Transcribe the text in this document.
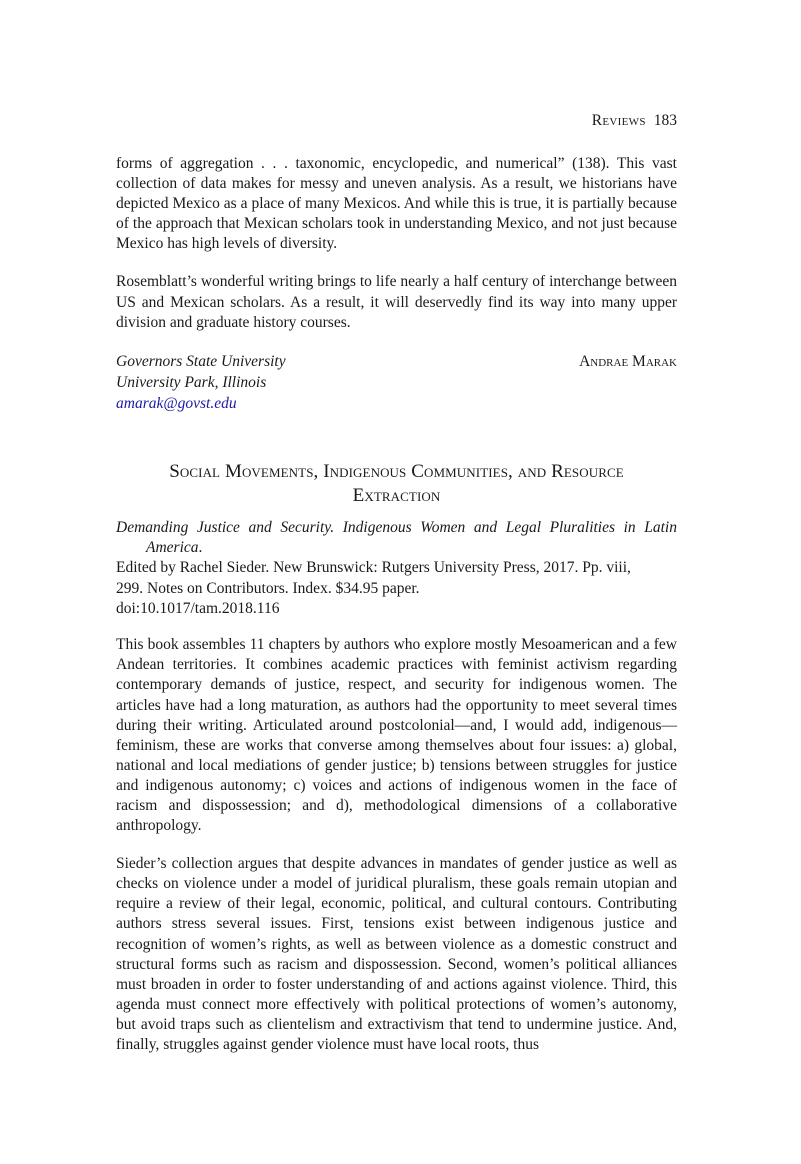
Reviews 183

forms of aggregation . . . taxonomic, encyclopedic, and numerical” (138). This vast collection of data makes for messy and uneven analysis. As a result, we historians have depicted Mexico as a place of many Mexicos. And while this is true, it is partially because of the approach that Mexican scholars took in understanding Mexico, and not just because Mexico has high levels of diversity.

Rosemblatt’s wonderful writing brings to life nearly a half century of interchange between US and Mexican scholars. As a result, it will deservedly find its way into many upper division and graduate history courses.

Governors State University
University Park, Illinois
amarak@govst.edu
Andrae Marak
Social Movements, Indigenous Communities, and Resource
Extraction
Demanding Justice and Security. Indigenous Women and Legal Pluralities in Latin America.
Edited by Rachel Sieder. New Brunswick: Rutgers University Press, 2017. Pp. viii,
299. Notes on Contributors. Index. $34.95 paper.
doi:10.1017/tam.2018.116

This book assembles 11 chapters by authors who explore mostly Mesoamerican and a few Andean territories. It combines academic practices with feminist activism regarding contemporary demands of justice, respect, and security for indigenous women. The articles have had a long maturation, as authors had the opportunity to meet several times during their writing. Articulated around postcolonial—and, I would add, indigenous—feminism, these are works that converse among themselves about four issues: a) global, national and local mediations of gender justice; b) tensions between struggles for justice and indigenous autonomy; c) voices and actions of indigenous women in the face of racism and dispossession; and d), methodological dimensions of a collaborative anthropology.

Sieder’s collection argues that despite advances in mandates of gender justice as well as checks on violence under a model of juridical pluralism, these goals remain utopian and require a review of their legal, economic, political, and cultural contours. Contributing authors stress several issues. First, tensions exist between indigenous justice and recognition of women’s rights, as well as between violence as a domestic construct and structural forms such as racism and dispossession. Second, women’s political alliances must broaden in order to foster understanding of and actions against violence. Third, this agenda must connect more effectively with political protections of women’s autonomy, but avoid traps such as clientelism and extractivism that tend to undermine justice. And, finally, struggles against gender violence must have local roots, thus
